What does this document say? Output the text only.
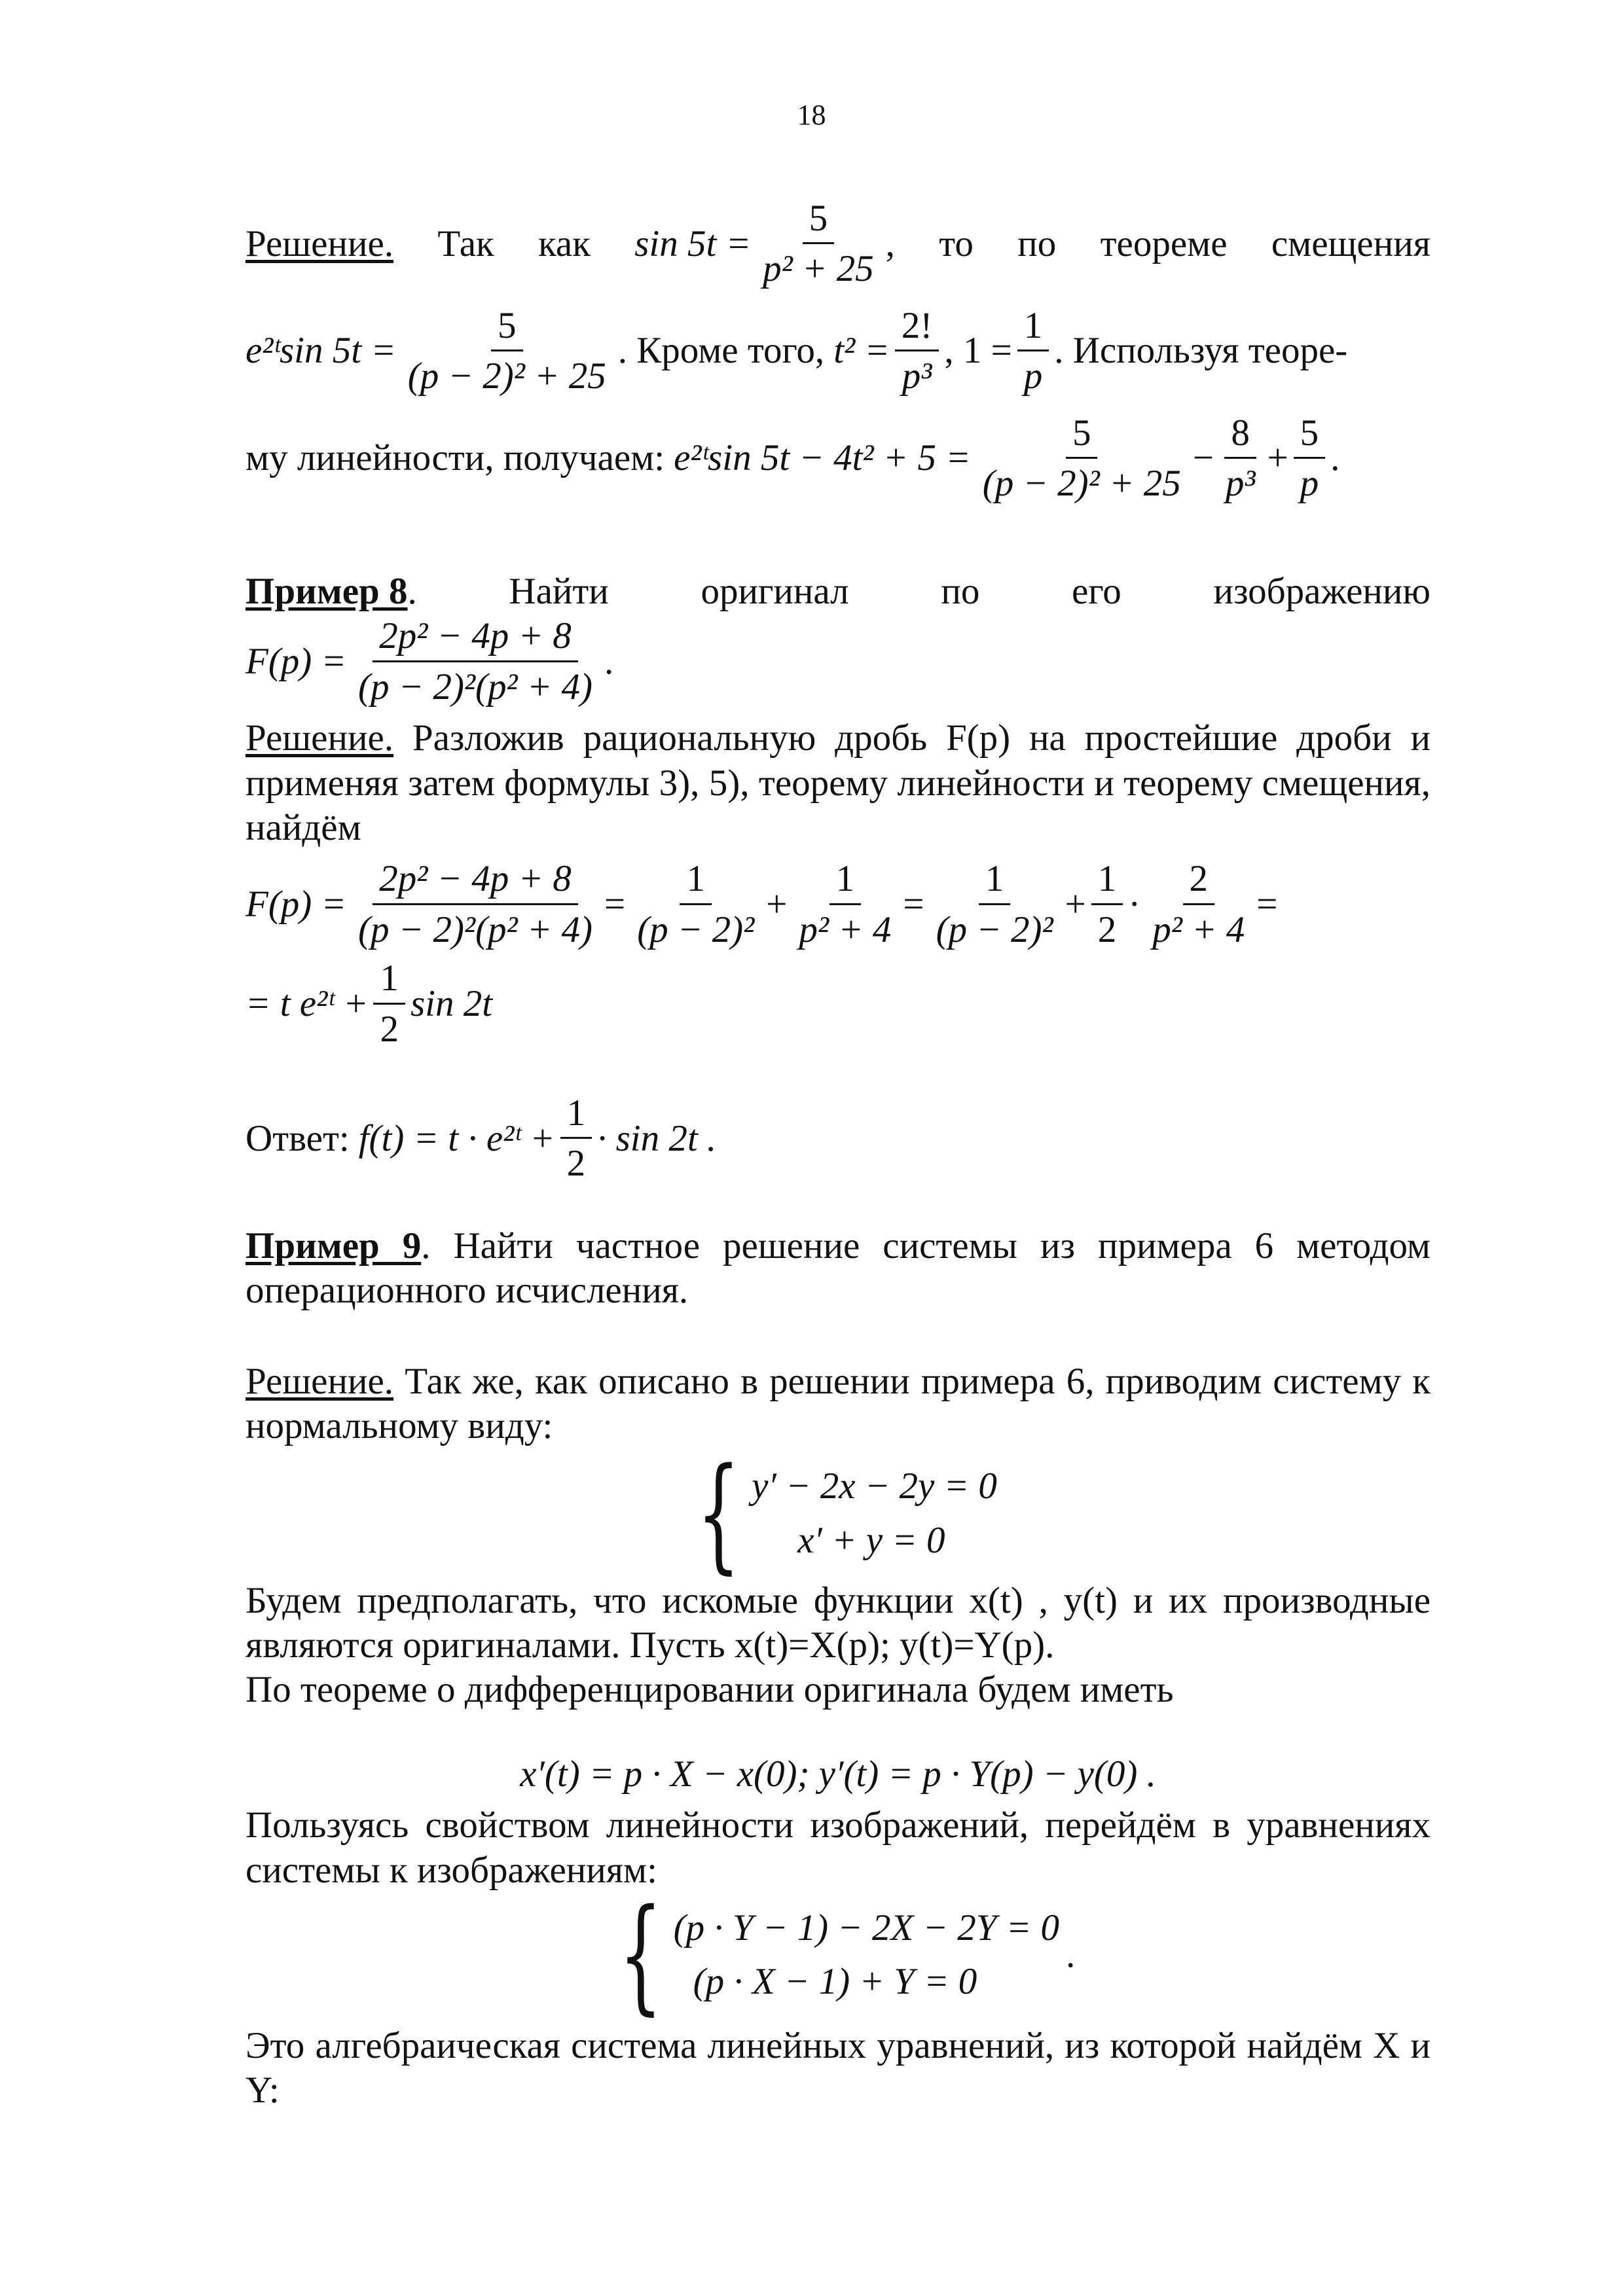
18
Решение. Так как $\sin 5t = \frac{5}{\text{p² + 25}}$ , то по теореме смещения
e²ᵗsin $5t = \frac{5}{\text{(p − 2)² + 25}}$ . Кроме того, $t^2 = \frac{2!}{\text{p³}}$ , $1 = \frac{1}{p}$ . Используя теоре-
му линейности, получаем: e²ᵗsin $5t - 4t^2 + 5 = \frac{5}{\text{(p − 2)² + 25}} - \frac{8}{\text{p³}} + \frac{5}{p}$ .
Пример 8. Найти оригинал по его изображению
$F(p) = \frac{\text{2p² − 4p + 8}}{\text{(p − 2)²(p² + 4)}}$ .
Решение. Разложив рациональную дробь F(p) на простейшие дроби и применяя затем формулы 3), 5), теорему линейности и теорему смещения, найдём
$F(p) = \frac{\text{2p² − 4p + 8}}{\text{(p − 2)²(p² + 4)}} = \frac{1}{\text{(p − 2)²}} + \frac{1}{\text{p² + 4}} = \frac{1}{\text{(p − 2)²}} + \frac{1}{2} \cdot \frac{2}{\text{p² + 4}}$ =
= t e²ᵗ + $\frac{1}{2}$ sin 2t
Ответ: f(t) = t · e²ᵗ + $\frac{1}{2} \cdot \sin 2t$ .
Пример 9. Найти частное решение системы из примера 6 методом операционного исчисления.
Решение. Так же, как описано в решении примера 6, приводим систему к нормальному виду:
{ y′ − 2x − 2y = 0
x′ + y = 0
Будем предполагать, что искомые функции x(t) , y(t) и их производные являются оригиналами. Пусть x(t)=X(p); y(t)=Y(p).
По теореме о дифференцировании оригинала будем иметь
x′(t) = p · X − x(0); y′(t) = p · Y(p) − y(0) .
Пользуясь свойством линейности изображений, перейдём в уравнениях системы к изображениям:
{ (p · Y − 1) − 2X − 2Y = 0
(p · X − 1) + Y = 0
.
Это алгебраическая система линейных уравнений, из которой найдём X и Y:
